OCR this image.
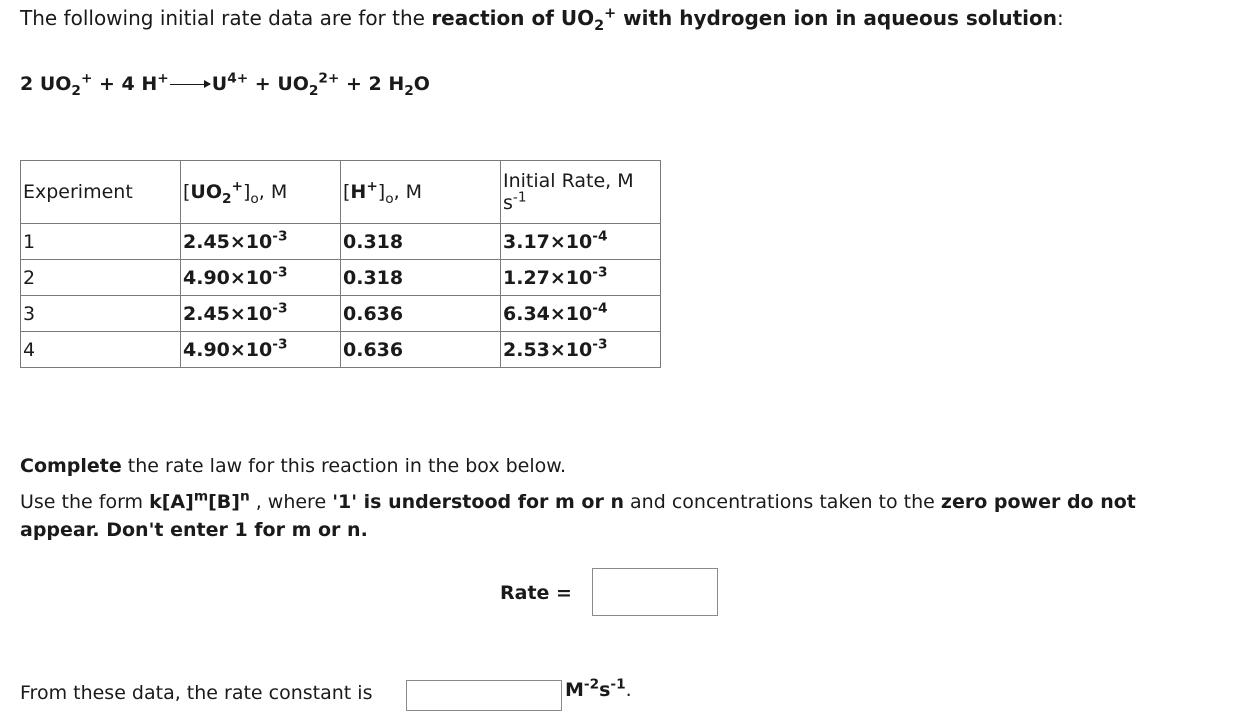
The following initial rate data are for the reaction of $UO_2^+$ with hydrogen ion in aqueous solution:
2 $UO_2^+ + 4$ $H^+\to U^{4+} + UO_2^{2+} + 2$ $H_2O$
Experiment	$[UO_2^+]_o$, M	$[H^+]_o$, M	Initial Rate, M
$s^{-1}$
1	$2.45\times 10^{-3}$	0.318	$3.17\times 10^{-4}$
2	$4.90\times 10^{-3}$	0.318	$1.27\times 10^{-3}$
3	$2.45\times 10^{-3}$	0.636	$6.34\times 10^{-4}$
4	$4.90\times 10^{-3}$	0.636	$2.53\times 10^{-3}$
Complete the rate law for this reaction in the box below.
Use the form $k[A]^m[B]^n$ , where '1' is understood for m or n and concentrations taken to the zero power do not appear. Don't enter 1 for m or n.
Rate =
From these data, the rate constant is	$M^{-2}s^{-1}$.
